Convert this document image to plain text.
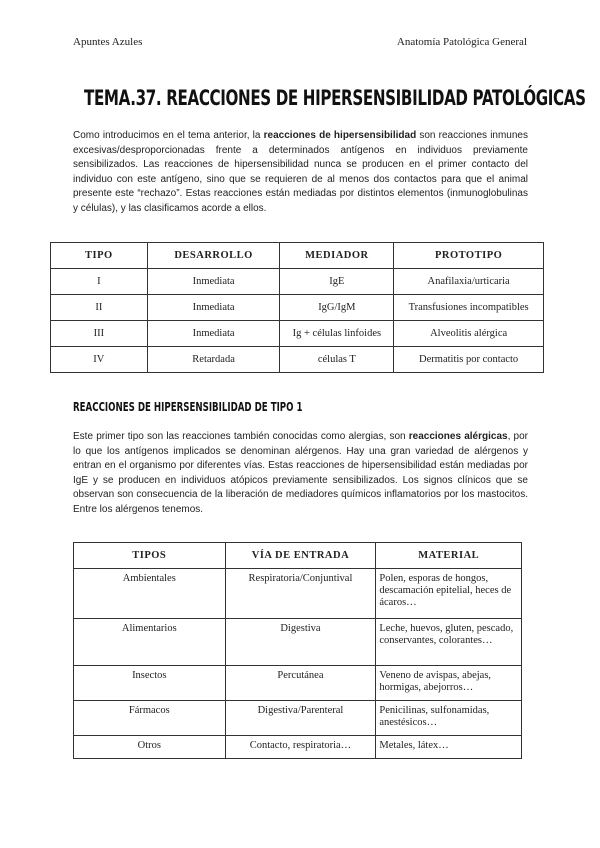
Apuntes Azules	Anatomía Patológica General
TEMA.37. REACCIONES DE HIPERSENSIBILIDAD PATOLÓGICAS
Como introducimos en el tema anterior, la reacciones de hipersensibilidad son reacciones inmunes excesivas/desproporcionadas frente a determinados antígenos en individuos previamente sensibilizados. Las reacciones de hipersensibilidad nunca se producen en el primer contacto del individuo con este antígeno, sino que se requieren de al menos dos contactos para que el animal presente este “rechazo”. Estas reacciones están mediadas por distintos elementos (inmunoglobulinas y células), y las clasificamos acorde a ellos.
TIPO	DESARROLLO	MEDIADOR	PROTOTIPO
I	Inmediata	IgE	Anafilaxia/urticaria
II	Inmediata	IgG/IgM	Transfusiones incompatibles
III	Inmediata	Ig + células linfoides	Alveolitis alérgica
IV	Retardada	células T	Dermatitis por contacto
REACCIONES DE HIPERSENSIBILIDAD DE TIPO 1
Este primer tipo son las reacciones también conocidas como alergias, son reacciones alérgicas, por lo que los antígenos implicados se denominan alérgenos. Hay una gran variedad de alérgenos y entran en el organismo por diferentes vías. Estas reacciones de hipersensibilidad están mediadas por IgE y se producen en individuos atópicos previamente sensibilizados. Los signos clínicos que se observan son consecuencia de la liberación de mediadores químicos inflamatorios por los mastocitos. Entre los alérgenos tenemos.
TIPOS	VÍA DE ENTRADA	MATERIAL
Ambientales	Respiratoria/Conjuntival	Polen, esporas de hongos, descamación epitelial, heces de ácaros…
Alimentarios	Digestiva	Leche, huevos, gluten, pescado, conservantes, colorantes…
Insectos	Percutánea	Veneno de avispas, abejas, hormigas, abejorros…
Fármacos	Digestiva/Parenteral	Penicilinas, sulfonamidas, anestésicos…
Otros	Contacto, respiratoria…	Metales, látex…
